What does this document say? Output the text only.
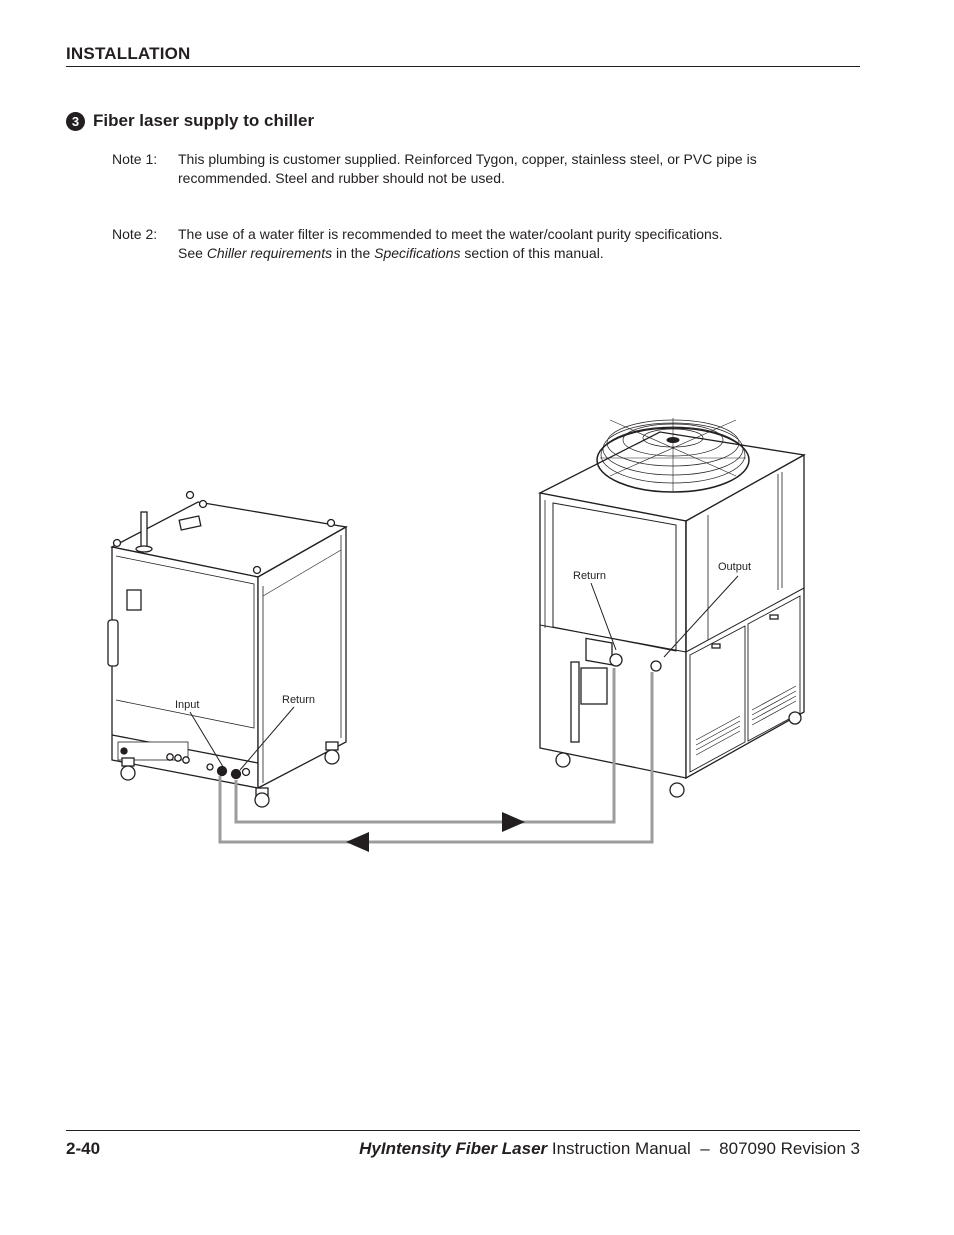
INSTALLATION
3 Fiber laser supply to chiller
Note 1:	This plumbing is customer supplied. Reinforced Tygon, copper, stainless steel, or PVC pipe is
recommended. Steel and rubber should not be used.
Note 2:	The use of a water filter is recommended to meet the water/coolant purity specifications.
See Chiller requirements in the Specifications section of this manual.
Input	Return
Return
Output
2-40	HyIntensity Fiber Laser Instruction Manual – 807090 Revision 3
